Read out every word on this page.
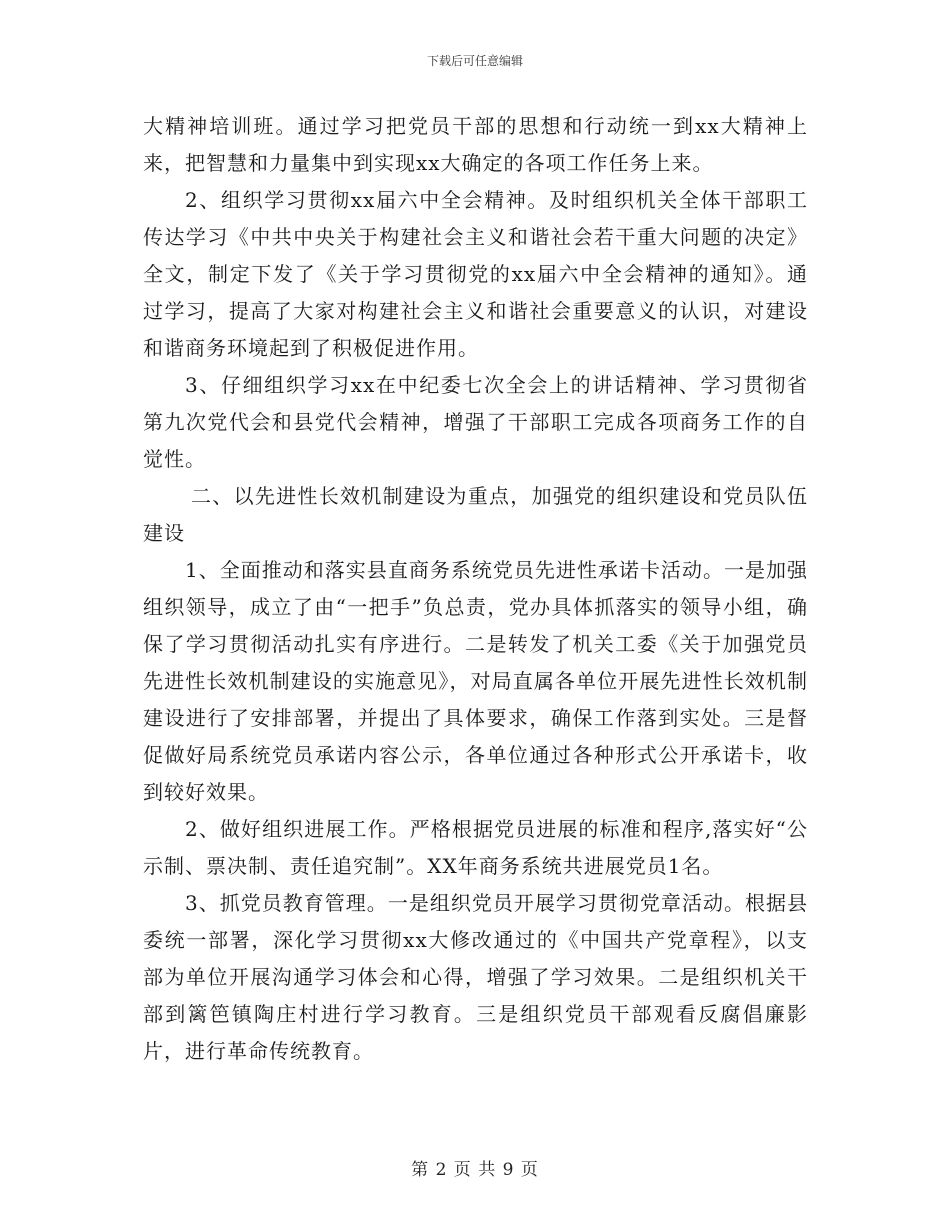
下载后可任意编辑

大精神培训班。通过学习把党员干部的思想和行动统一到xx大精神上来，把智慧和力量集中到实现xx大确定的各项工作任务上来。

2、组织学习贯彻xx届六中全会精神。及时组织机关全体干部职工传达学习《中共中央关于构建社会主义和谐社会若干重大问题的决定》全文，制定下发了《关于学习贯彻党的xx届六中全会精神的通知》。通过学习，提高了大家对构建社会主义和谐社会重要意义的认识，对建设和谐商务环境起到了积极促进作用。

3、仔细组织学习xx在中纪委七次全会上的讲话精神、学习贯彻省第九次党代会和县党代会精神，增强了干部职工完成各项商务工作的自觉性。

二、以先进性长效机制建设为重点，加强党的组织建设和党员队伍建设

1、全面推动和落实县直商务系统党员先进性承诺卡活动。一是加强组织领导，成立了由“一把手”负总责，党办具体抓落实的领导小组，确保了学习贯彻活动扎实有序进行。二是转发了机关工委《关于加强党员先进性长效机制建设的实施意见》，对局直属各单位开展先进性长效机制建设进行了安排部署，并提出了具体要求，确保工作落到实处。三是督促做好局系统党员承诺内容公示，各单位通过各种形式公开承诺卡，收到较好效果。

2、做好组织进展工作。严格根据党员进展的标准和程序,落实好“公示制、票决制、责任追究制”。XX年商务系统共进展党员1名。

3、抓党员教育管理。一是组织党员开展学习贯彻党章活动。根据县委统一部署，深化学习贯彻xx大修改通过的《中国共产党章程》，以支部为单位开展沟通学习体会和心得，增强了学习效果。二是组织机关干部到篱笆镇陶庄村进行学习教育。三是组织党员干部观看反腐倡廉影片，进行革命传统教育。

第 2 页 共 9 页
